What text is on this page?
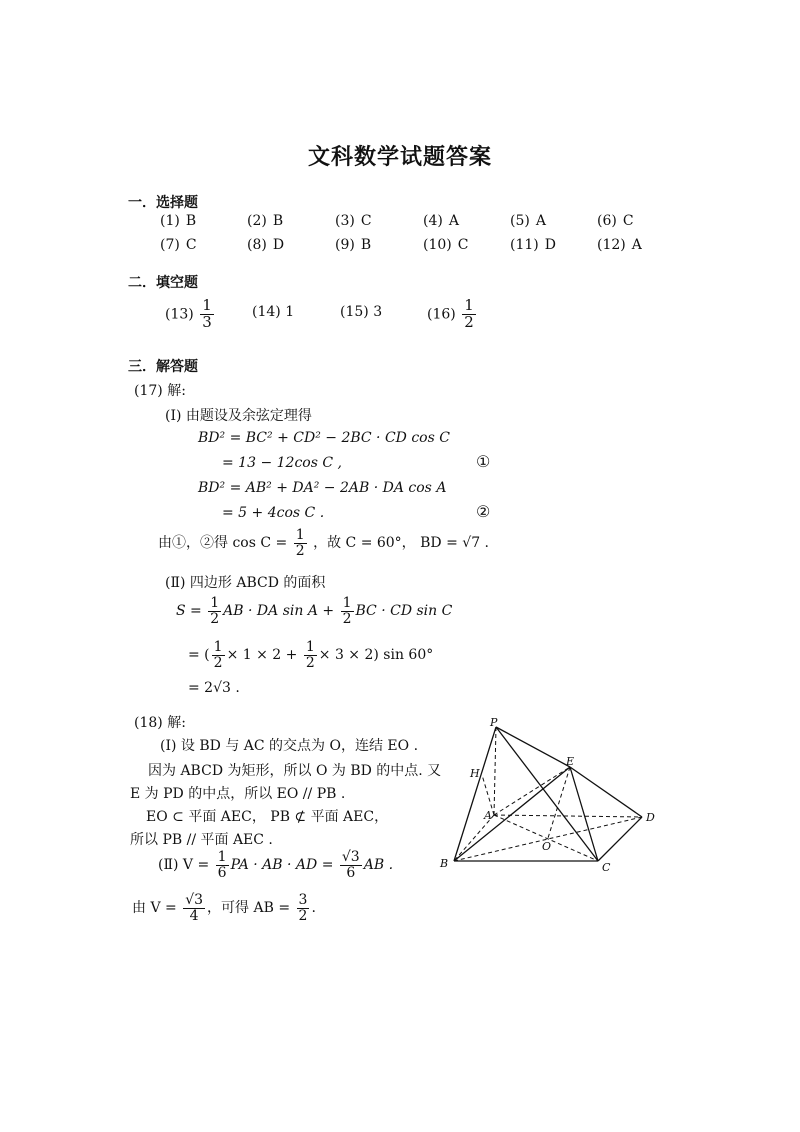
文科数学试题答案
一．选择题
(1) B	(2) B	(3) C	(4) A	(5) A	(6) C
(7) C	(8) D	(9) B	(10) C	(11) D	(12) A
二．填空题
$(13) \frac{1}{3}$	(14) 1	(15) 3	$(16) \frac{1}{2}$
三．解答题
(17) 解:
(Ⅰ) 由题设及余弦定理得
BD² = BC² + CD² − 2BC · CD cos C
= 13 − 12cos C ,	①
BD² = AB² + DA² − 2AB · DA cos A
= 5 + 4cos C .	②
由①，②得 $\cos C = \frac{1}{2}$ ，故 C = 60°， BD = √7 .
(Ⅱ) 四边形 ABCD 的面积
$S = \frac{1}{2}$ AB · DA $\sin A + \frac{1}{2}$ BC · CD sin C
= ( $\frac{1}{2} \times 1 \times 2 + \frac{1}{2} \times 3 \times 2$) sin 60°
= 2√3 .
(18) 解:
(Ⅰ) 设 BD 与 AC 的交点为 O，连结 EO .
因为 ABCD 为矩形，所以 O 为 BD 的中点. 又
E 为 PD 的中点，所以 EO // PB .
EO ⊂ 平面 AEC， PB ⊄ 平面 AEC，
所以 PB // 平面 AEC .
(Ⅱ) $V = \frac{1}{6}$ PA · AB · AD = $\frac{√3}{6}$ AB .
由 $V = \frac{√3}{4}$ ，可得 AB = $\frac{3}{2}$ .
P
H
E
A	D
O
B	C
